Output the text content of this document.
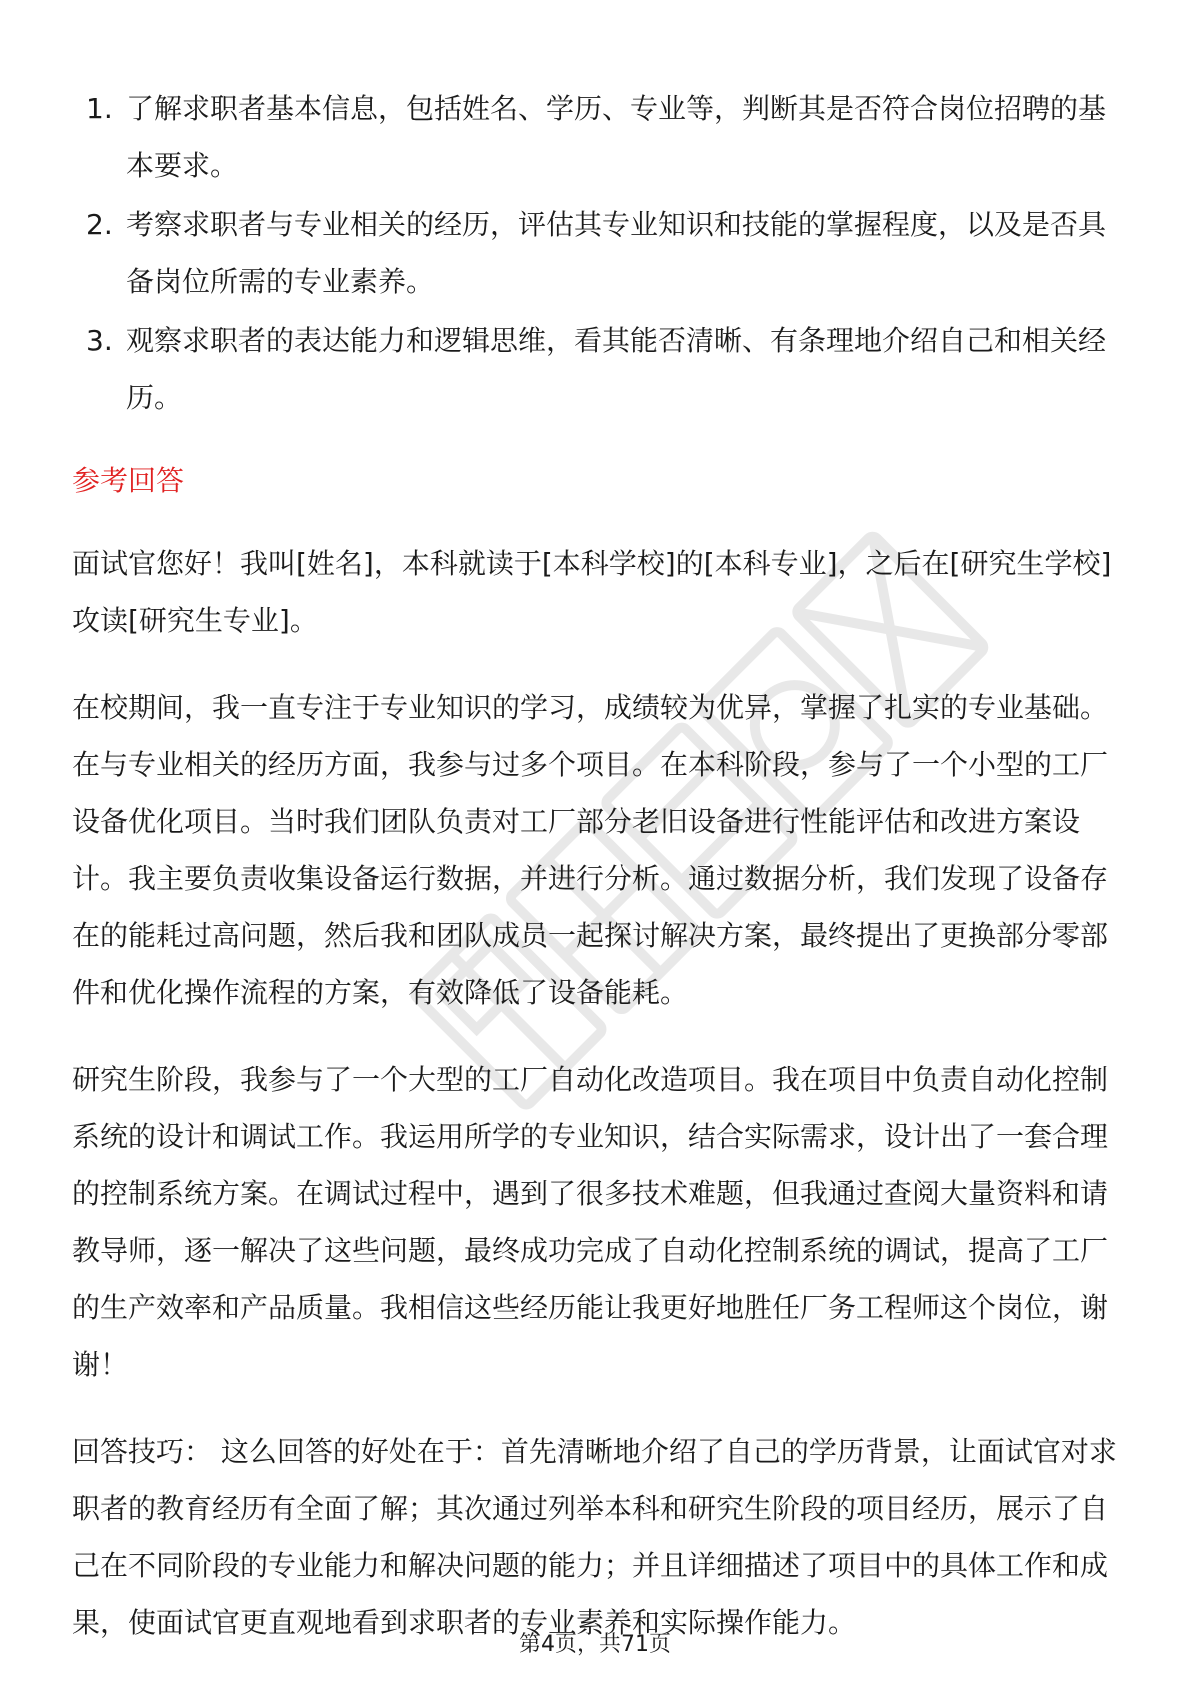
1. 了解求职者基本信息，包括姓名、学历、专业等，判断其是否符合岗位招聘的基本要求。
2. 考察求职者与专业相关的经历，评估其专业知识和技能的掌握程度，以及是否具备岗位所需的专业素养。
3. 观察求职者的表达能力和逻辑思维，看其能否清晰、有条理地介绍自己和相关经历。
参考回答

面试官您好！我叫[姓名]，本科就读于[本科学校]的[本科专业]，之后在[研究生学校]攻读[研究生专业]。

在校期间，我一直专注于专业知识的学习，成绩较为优异，掌握了扎实的专业基础。在与专业相关的经历方面，我参与过多个项目。在本科阶段，参与了一个小型的工厂设备优化项目。当时我们团队负责对工厂部分老旧设备进行性能评估和改进方案设计。我主要负责收集设备运行数据，并进行分析。通过数据分析，我们发现了设备存在的能耗过高问题，然后我和团队成员一起探讨解决方案，最终提出了更换部分零部件和优化操作流程的方案，有效降低了设备能耗。

研究生阶段，我参与了一个大型的工厂自动化改造项目。我在项目中负责自动化控制系统的设计和调试工作。我运用所学的专业知识，结合实际需求，设计出了一套合理的控制系统方案。在调试过程中，遇到了很多技术难题，但我通过查阅大量资料和请教导师，逐一解决了这些问题，最终成功完成了自动化控制系统的调试，提高了工厂的生产效率和产品质量。我相信这些经历能让我更好地胜任厂务工程师这个岗位，谢谢！

回答技巧： 这么回答的好处在于：首先清晰地介绍了自己的学历背景，让面试官对求职者的教育经历有全面了解；其次通过列举本科和研究生阶段的项目经历，展示了自己在不同阶段的专业能力和解决问题的能力；并且详细描述了项目中的具体工作和成果，使面试官更直观地看到求职者的专业素养和实际操作能力。

第4页，共71页
